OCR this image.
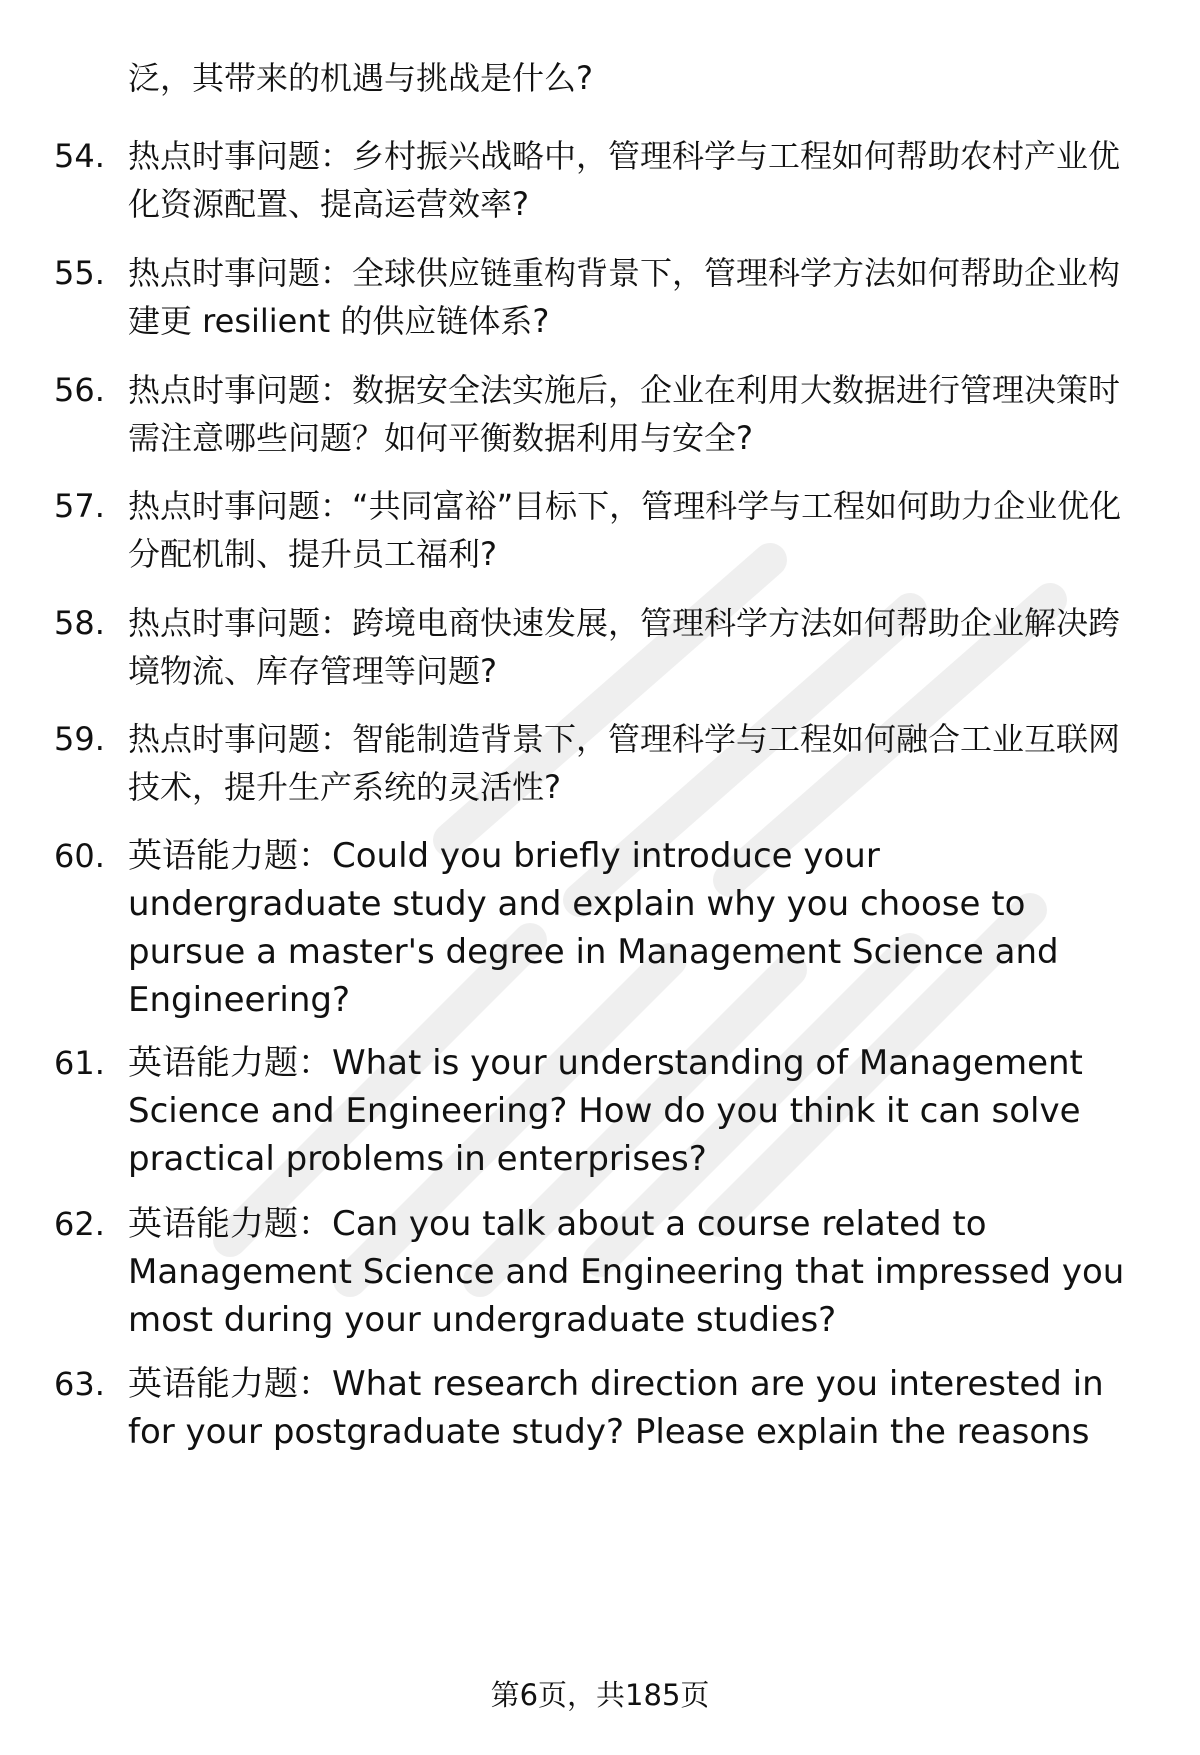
泛，其带来的机遇与挑战是什么?
54. 热点时事问题：乡村振兴战略中，管理科学与工程如何帮助农村产业优化资源配置、提高运营效率?
55. 热点时事问题：全球供应链重构背景下，管理科学方法如何帮助企业构建更 resilient 的供应链体系?
56. 热点时事问题：数据安全法实施后，企业在利用大数据进行管理决策时需注意哪些问题？如何平衡数据利用与安全?
57. 热点时事问题：“共同富裕”目标下，管理科学与工程如何助力企业优化分配机制、提升员工福利?
58. 热点时事问题：跨境电商快速发展，管理科学方法如何帮助企业解决跨境物流、库存管理等问题?
59. 热点时事问题：智能制造背景下，管理科学与工程如何融合工业互联网技术，提升生产系统的灵活性?
60. 英语能力题：Could you briefly introduce your undergraduate study and explain why you choose to pursue a master's degree in Management Science and Engineering?
61. 英语能力题：What is your understanding of Management Science and Engineering? How do you think it can solve practical problems in enterprises?
62. 英语能力题：Can you talk about a course related to Management Science and Engineering that impressed you most during your undergraduate studies?
63. 英语能力题：What research direction are you interested in for your postgraduate study? Please explain the reasons
第6页，共185页
